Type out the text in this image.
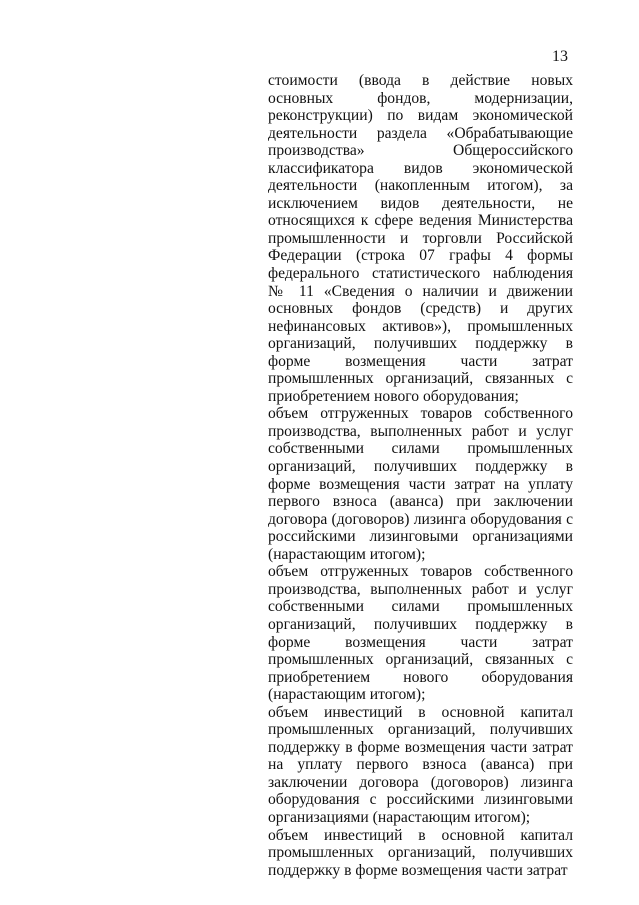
13

стоимости (ввода в действие новых основных фондов, модернизации, реконструкции) по видам экономической деятельности раздела «Обрабатывающие производства» Общероссийского классификатора видов экономической деятельности (накопленным итогом), за исключением видов деятельности, не относящихся к сфере ведения Министерства промышленности и торговли Российской Федерации (строка 07 графы 4 формы федерального статистического наблюдения № 11 «Сведения о наличии и движении основных фондов (средств) и других нефинансовых активов»), промышленных организаций, получивших поддержку в форме возмещения части затрат промышленных организаций, связанных с приобретением нового оборудования;

объем отгруженных товаров собственного производства, выполненных работ и услуг собственными силами промышленных организаций, получивших поддержку в форме возмещения части затрат на уплату первого взноса (аванса) при заключении договора (договоров) лизинга оборудования с российскими лизинговыми организациями (нарастающим итогом);

объем отгруженных товаров собственного производства, выполненных работ и услуг собственными силами промышленных организаций, получивших поддержку в форме возмещения части затрат промышленных организаций, связанных с приобретением нового оборудования (нарастающим итогом);

объем инвестиций в основной капитал промышленных организаций, получивших поддержку в форме возмещения части затрат на уплату первого взноса (аванса) при заключении договора (договоров) лизинга оборудования с российскими лизинговыми организациями (нарастающим итогом);

объем инвестиций в основной капитал промышленных организаций, получивших поддержку в форме возмещения части затрат
